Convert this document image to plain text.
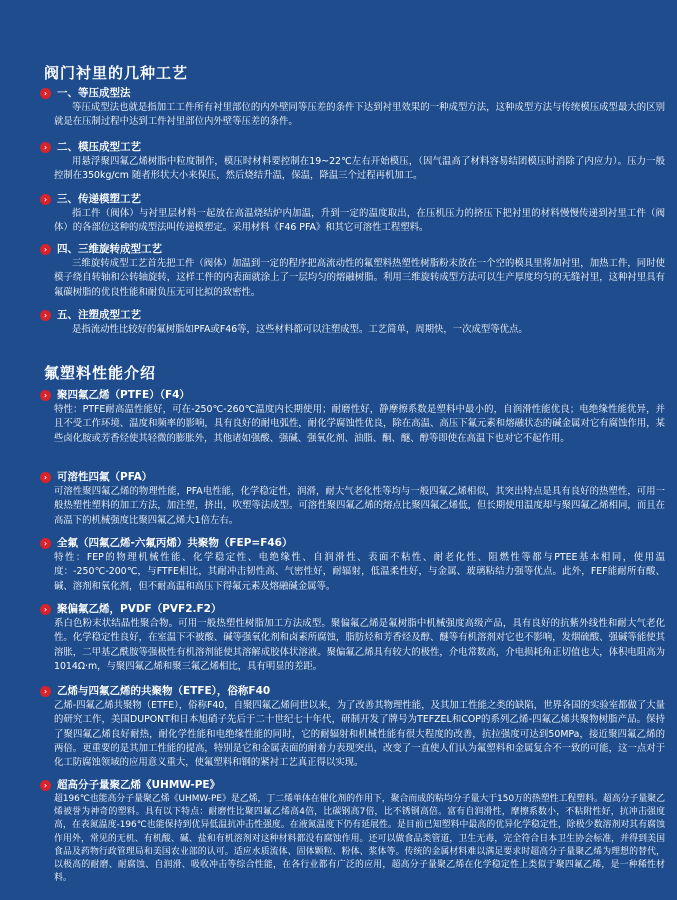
阀门衬里的几种工艺
› 一、等压成型法
等压成型法也就是指加工工件所有衬里部位的内外壁同等压差的条件下达到衬里效果的一种成型方法，这种成型方法与传统模压成型最大的区别就是在压制过程中达到工件衬里部位内外壁等压差的条件。
› 二、模压成型工艺
用悬浮聚四氟乙烯树脂中粒度制作，模压时材料要控制在19~22℃左右开始模压，（因气温高了材料容易结团模压时消除了内应力）。压力一般控制在350kg/cm 随者形状大小来保压，然后烧结升温，保温，降温三个过程再机加工。
› 三、传递模塑工艺
指工件（阀体）与衬里层材料一起放在高温烧结炉内加温，升到一定的温度取出，在压机压力的挤压下把衬里的材料慢慢传递到衬里工件（阀体）的各部位这种的成型法叫传递模塑定。采用材料《F46 PFA》和其它可溶性工程塑料。
› 四、三维旋转成型工艺
三维旋转成型工艺首先把工件（阀体）加温到一定的程序把高流动性的氟塑料热塑性树脂粉末放在一个空的模具里将加衬里，加热工件，同时使模子绕自转轴和公转轴旋转，这样工件的内表面就涂上了一层均匀的熔融树脂。利用三维旋转成型方法可以生产厚度均匀的无缝衬里，这种衬里具有氟碳树脂的优良性能和耐负压无可比拟的致密性。
› 五、注塑成型工艺
是指流动性比较好的氟树脂如PFA或F46等，这些材料都可以注塑成型。工艺简单，周期快，一次成型等优点。
氟塑料性能介绍
› 聚四氟乙烯（PTFE）（F4）
特性：PTFE耐高温性能好，可在-250℃-260℃温度内长期使用；耐磨性好，静摩擦系数是塑料中最小的，自润滑性能优良；电绝缘性能优异，并且不受工作环境、温度和频率的影响，具有良好的耐电弧性，耐化学腐蚀性优良，除在高温、高压下氟元素和熔融状态的碱金属对它有腐蚀作用，某些卤化胺或芳香烃使其轻微的膨胀外，其他诸如强酸、强碱、强氧化剂、油脂、酮、醚、醇等即使在高温下也对它不起作用。
› 可溶性四氟（PFA）
可溶性聚四氟乙烯的物理性能，PFA电性能，化学稳定性，润滑，耐大气老化性等均与一般四氟乙烯相似，其突出特点是具有良好的热塑性，可用一般热塑性塑料的加工方法，加注塑，挤出，吹塑等法成型。可溶性聚四氟乙烯的熔点比聚四氟乙烯低，但长期使用温度却与聚四氟乙烯相同，而且在高温下的机械强度比聚四氟乙烯大1倍左右。
› 全氟（四氟乙烯-六氟丙烯）共聚物（FEP=F46）
特性：FEP的物理机械性能、化学稳定性、电绝缘性、自润滑性、表面不粘性、耐老化性、阻燃性等都与PTEE基本相同，使用温度：-250℃-200℃，与FTFE相比，其耐冲击韧性高、气密性好，耐辐射，低温柔性好，与金属、玻璃粘结力强等优点。此外，FEF能耐所有酸、碱、溶剂和氧化剂，但不耐高温和高压下得氟元素及熔融碱金属等。
› 聚偏氟乙烯，PVDF（PVF2.F2）
系白色粉末状结晶性聚合物。可用一般热塑性树脂加工方法成型。聚偏氟乙烯是氟树脂中机械强度高级产品，具有良好的抗紫外线性和耐大气老化性。化学稳定性良好，在室温下不被酸、碱等强氧化剂和卤素所腐蚀，脂肪烃和芳香烃及醇、醚等有机溶剂对它也不影响，发烟硫酸、强碱等能使其溶胀，二甲基乙酰胺等强极性有机溶剂能使其溶解成胶体状溶液。聚偏氟乙烯具有较大的极性，介电常数高，介电损耗角正切值也大，体积电阻高为1014Ω·m，与聚四氟乙烯和聚三氟乙烯相比，具有明显的差距。
› 乙烯与四氟乙烯的共聚物（ETFE），俗称F40
乙烯-四氟乙烯共聚物（ETFE），俗称F40，自聚四氟乙烯问世以来，为了改善其物理性能，及其加工性能之类的缺陷，世界各国的实验室都做了大量的研究工作，美国DUPONT和日本旭硝子先后于二十世纪七十年代，研制开发了牌号为TEFZEL和COP的系列乙烯-四氟乙烯共聚物树脂产品。保持了聚四氟乙烯良好耐热，耐化学性能和电绝缘性能的同时，它的耐辐射和机械性能有很大程度的改善，抗拉强度可达到50MPa，接近聚四氟乙烯的两倍。更重要的是其加工性能的提高，特别是它和金属表面的耐着力表现突出，改变了一直使人们认为氟塑料和金属复合不一致的可能，这一点对于化工防腐蚀领域的应用意义重大，使氟塑料和钢的紧衬工艺真正得以实现。
› 超高分子量聚乙烯《UHMW-PE》
超196℃也能高分子量聚乙烯《UHMW-PE》是乙烯，丁二烯单体在催化剂的作用下，聚合而成的粘均分子量大于150万的热塑性工程塑料。超高分子量聚乙烯被誉为神奇的塑料。具有以下特点：耐磨性比聚四氟乙烯高4倍，比碳钢高7倍，比不锈钢高倍。富有自润滑性，摩擦系数小，不粘附性好，抗冲击强度高，在表氮温度-196℃也能保持到优异低温抗冲击性强度。在液氮温度下仍有延展性。是目前已知塑料中最高的优异化学稳定性，除极少数溶剂对其有腐蚀作用外，常见的无机、有机酸、碱、盐和有机溶剂对这种材料都没有腐蚀作用。还可以做食品类管道，卫生无毒，完全符合日本卫生协会标准，并得到美国食品及药物行政管理局和美国农业部的认可。适应水质流体、固体颗粒、粉体、浆体等。传统的金属材料难以满足要求时超高分子量聚乙烯为理想的替代，以极高的耐磨、耐腐蚀、自润滑、吸收冲击等综合性能，在各行业都有广泛的应用，超高分子量聚乙烯在化学稳定性上类似于聚四氟乙烯，是一种稀性材料。
